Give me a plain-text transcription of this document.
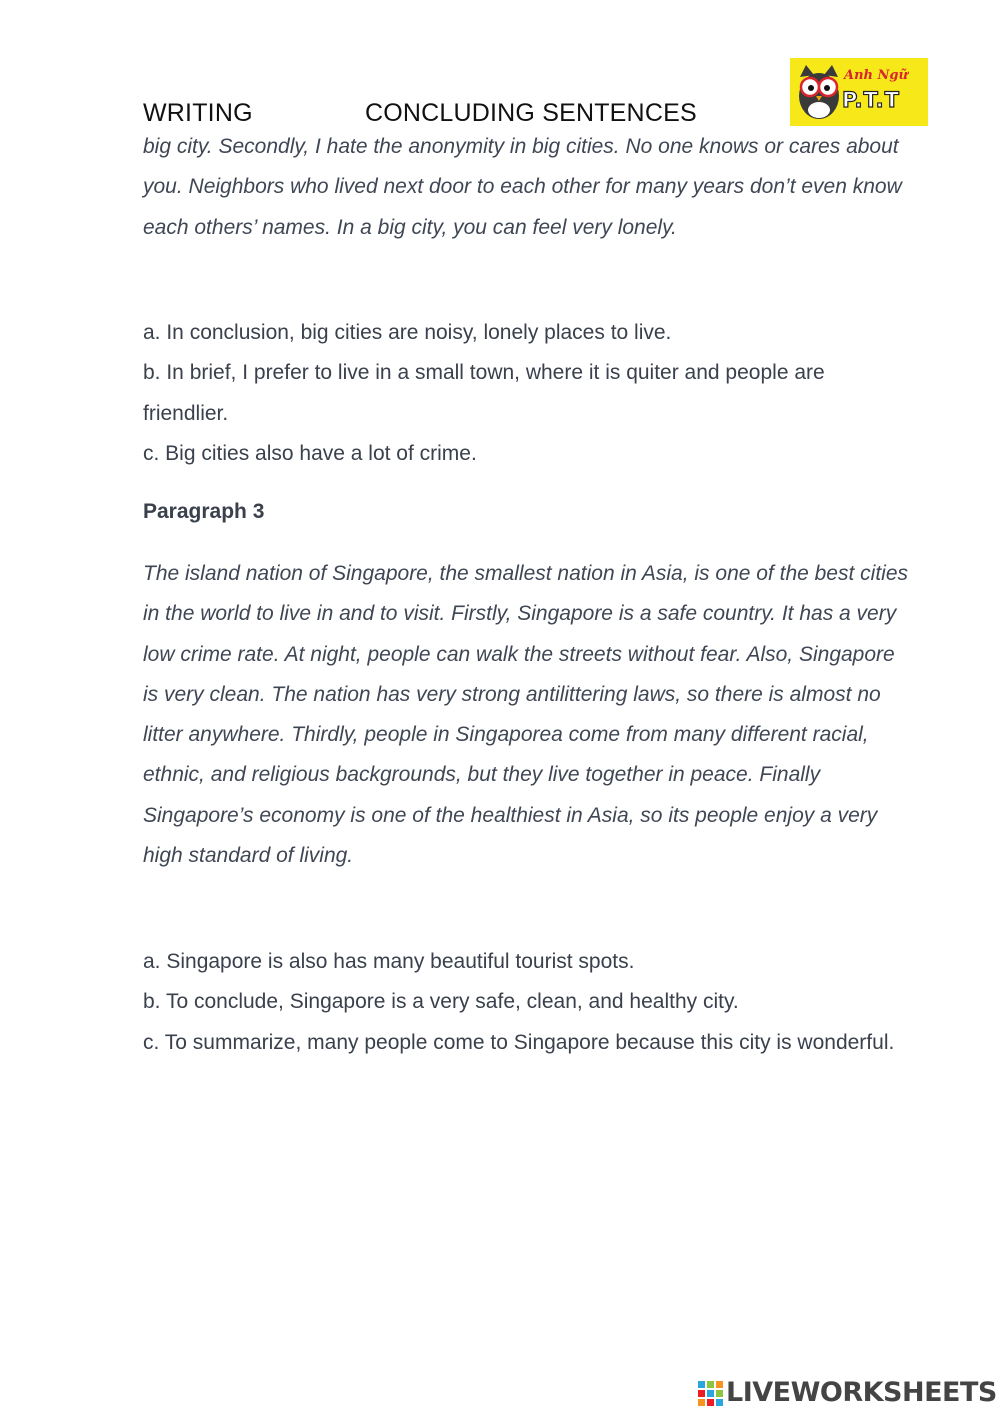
WRITING	CONCLUDING SENTENCES
Anh Ngữ
P.T.T
big city. Secondly, I hate the anonymity in big cities. No one knows or cares about you. Neighbors who lived next door to each other for many years don’t even know each others’ names. In a big city, you can feel very lonely.
a. In conclusion, big cities are noisy, lonely places to live.
b. In brief, I prefer to live in a small town, where it is quiter and people are friendlier.
c. Big cities also have a lot of crime.
Paragraph 3
The island nation of Singapore, the smallest nation in Asia, is one of the best cities in the world to live in and to visit. Firstly, Singapore is a safe country. It has a very low crime rate. At night, people can walk the streets without fear. Also, Singapore is very clean. The nation has very strong antilittering laws, so there is almost no litter anywhere. Thirdly, people in Singaporea come from many different racial, ethnic, and religious backgrounds, but they live together in peace. Finally Singapore’s economy is one of the healthiest in Asia, so its people enjoy a very high standard of living.
a. Singapore is also has many beautiful tourist spots.
b. To conclude, Singapore is a very safe, clean, and healthy city.
c. To summarize, many people come to Singapore because this city is wonderful.
LIVEWORKSHEETS
